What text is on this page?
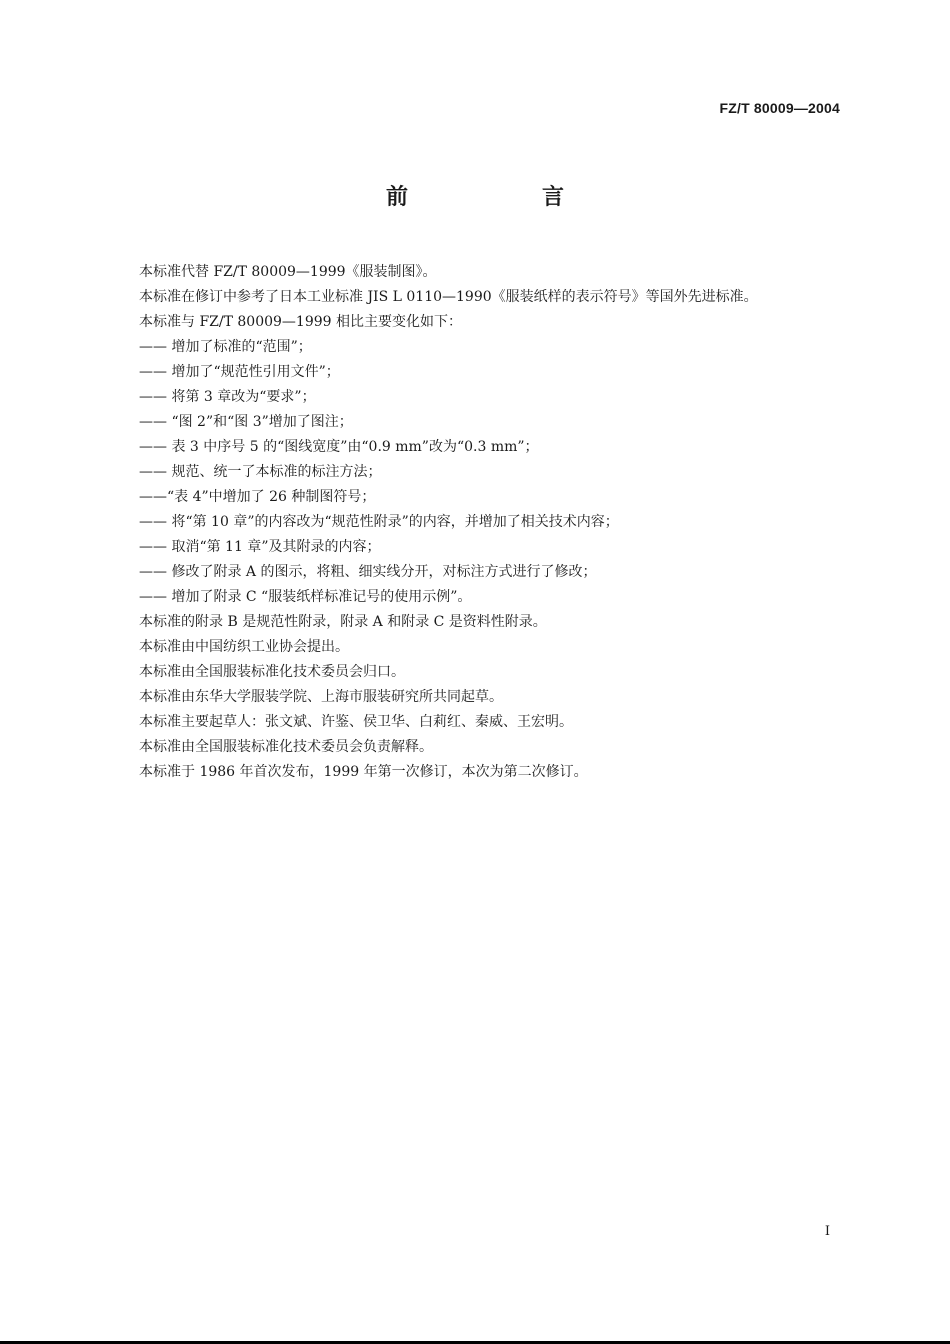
FZ/T 80009—2004
前　言
本标准代替 FZ/T 80009—1999《服装制图》。
本标准在修订中参考了日本工业标准 JIS L 0110—1990《服装纸样的表示符号》等国外先进标准。
本标准与 FZ/T 80009—1999 相比主要变化如下：
—— 增加了标准的“范围”；
—— 增加了“规范性引用文件”；
—— 将第 3 章改为“要求”；
—— “图 2”和“图 3”增加了图注；
—— 表 3 中序号 5 的“图线宽度”由“0.9 mm”改为“0.3 mm”；
—— 规范、统一了本标准的标注方法；
——“表 4”中增加了 26 种制图符号；
—— 将“第 10 章”的内容改为“规范性附录”的内容，并增加了相关技术内容；
—— 取消“第 11 章”及其附录的内容；
—— 修改了附录 A 的图示，将粗、细实线分开，对标注方式进行了修改；
—— 增加了附录 C “服装纸样标准记号的使用示例”。
本标准的附录 B 是规范性附录，附录 A 和附录 C 是资料性附录。
本标准由中国纺织工业协会提出。
本标准由全国服装标准化技术委员会归口。
本标准由东华大学服装学院、上海市服装研究所共同起草。
本标准主要起草人：张文斌、许鉴、侯卫华、白莉红、秦威、王宏明。
本标准由全国服装标准化技术委员会负责解释。
本标准于 1986 年首次发布，1999 年第一次修订，本次为第二次修订。
I
